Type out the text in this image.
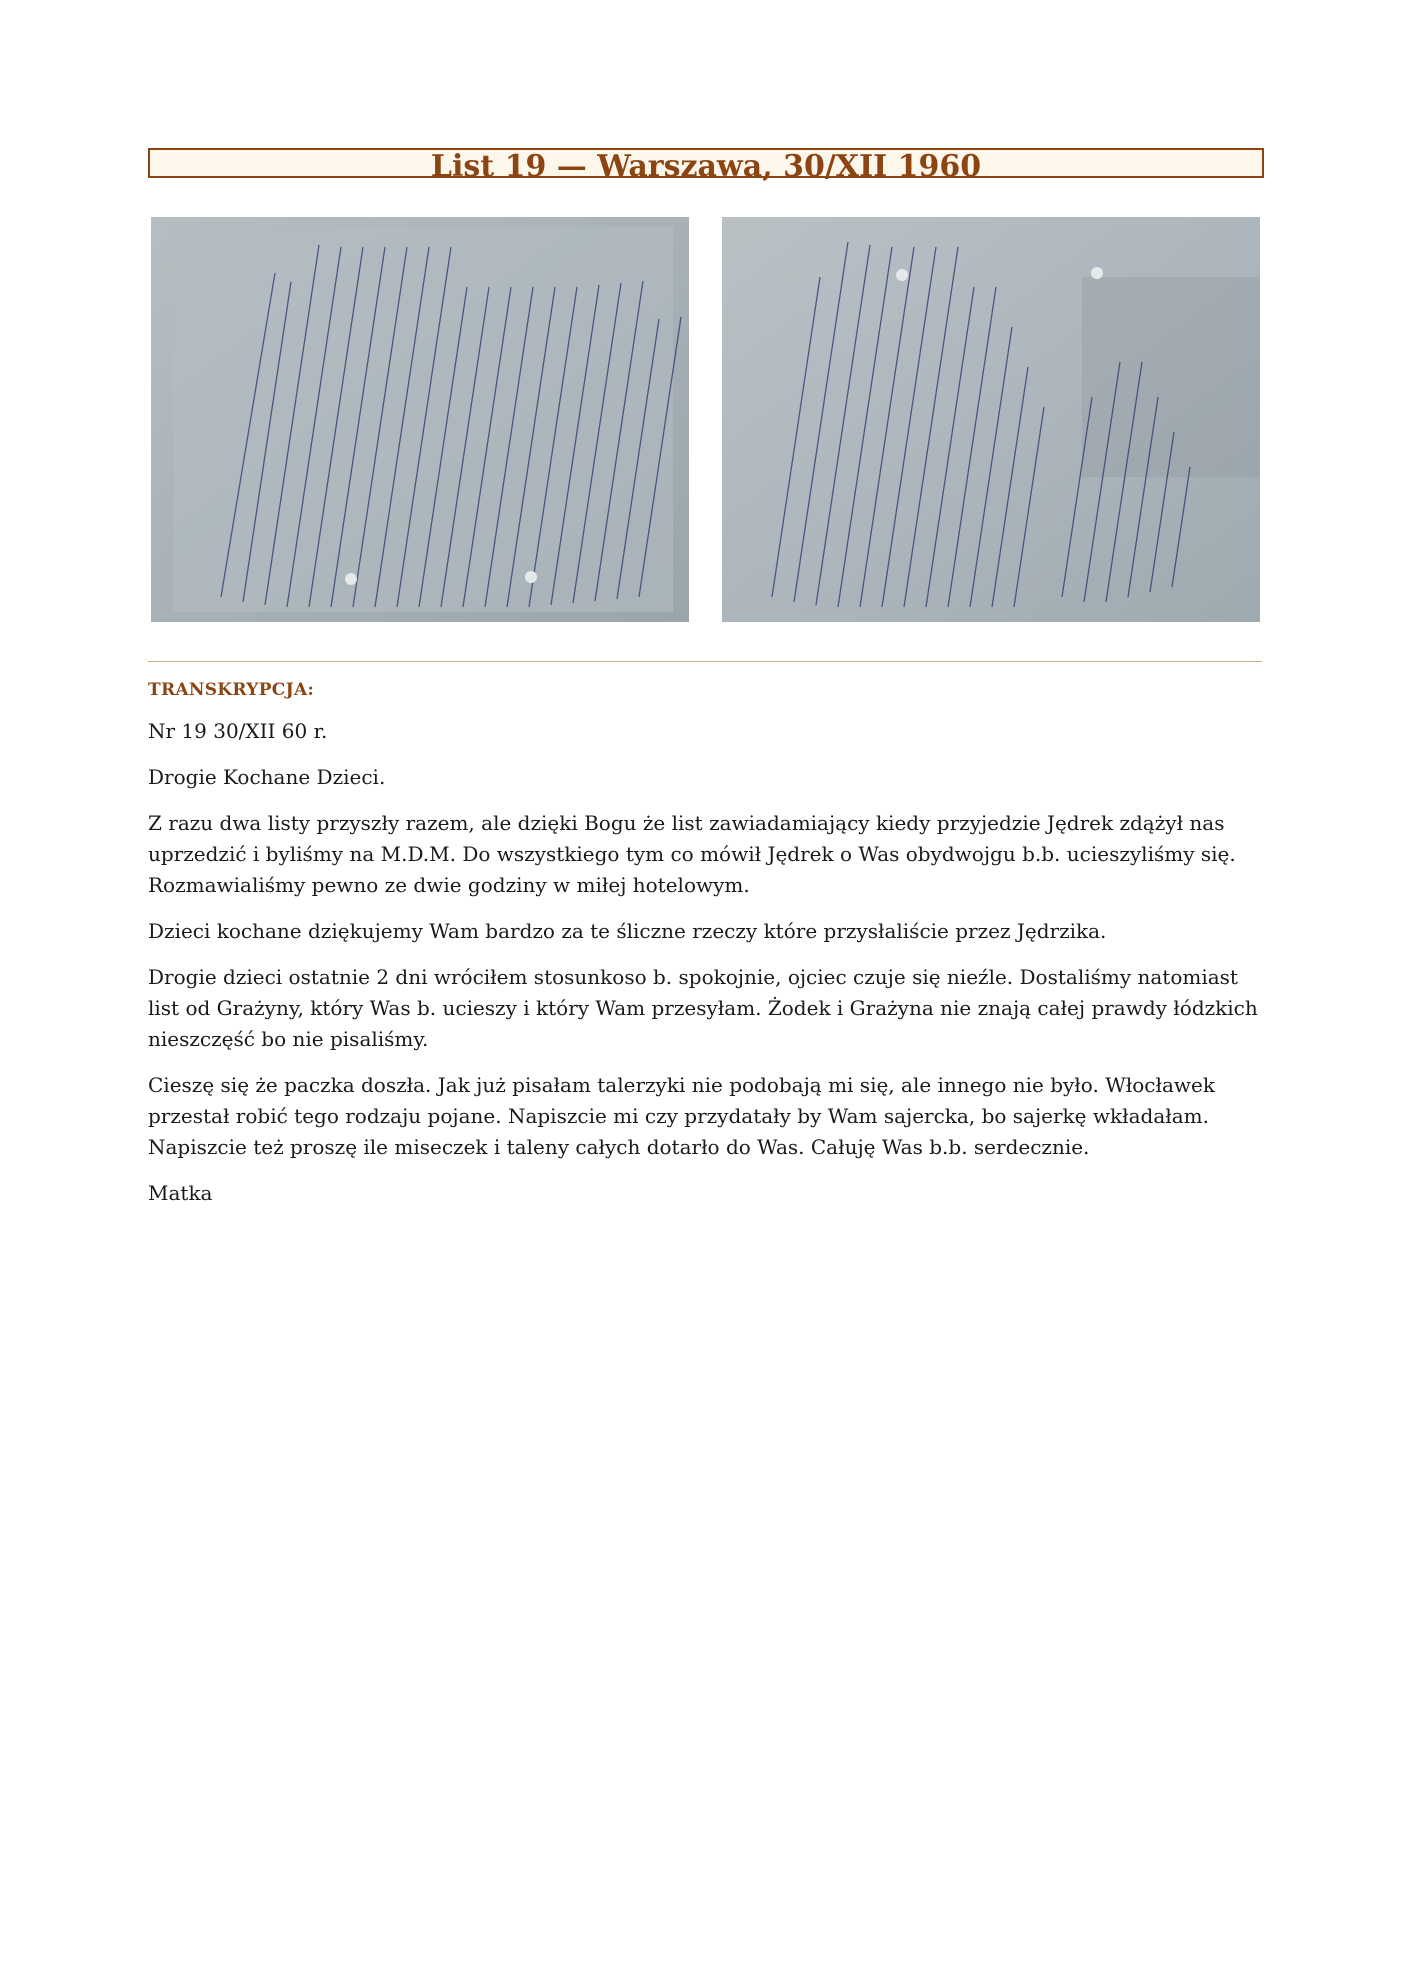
List 19 — Warszawa, 30/XII 1960
TRANSKRYPCJA:

Nr 19 30/XII 60 r.

Drogie Kochane Dzieci.

Z razu dwa listy przyszły razem, ale dzięki Bogu że list zawiadamiający kiedy przyjedzie Jędrek zdążył nas uprzedzić i byliśmy na M.D.M. Do wszystkiego tym co mówił Jędrek o Was obydwojgu b.b. ucieszyliśmy się. Rozmawialiśmy pewno ze dwie godziny w miłej hotelowym.

Dzieci kochane dziękujemy Wam bardzo za te śliczne rzeczy które przysłaliście przez Jędrzika.

Drogie dzieci ostatnie 2 dni wróciłem stosunkoso b. spokojnie, ojciec czuje się nieźle. Dostaliśmy natomiast list od Grażyny, który Was b. ucieszy i który Wam przesyłam. Żodek i Grażyna nie znają całej prawdy łódzkich nieszczęść bo nie pisaliśmy.

Cieszę się że paczka doszła. Jak już pisałam talerzyki nie podobają mi się, ale innego nie było. Włocławek przestał robić tego rodzaju pojane. Napiszcie mi czy przydatały by Wam sajercka, bo sajerkę wkładałam. Napiszcie też proszę ile miseczek i taleny całych dotarło do Was. Całuję Was b.b. serdecznie.

Matka
